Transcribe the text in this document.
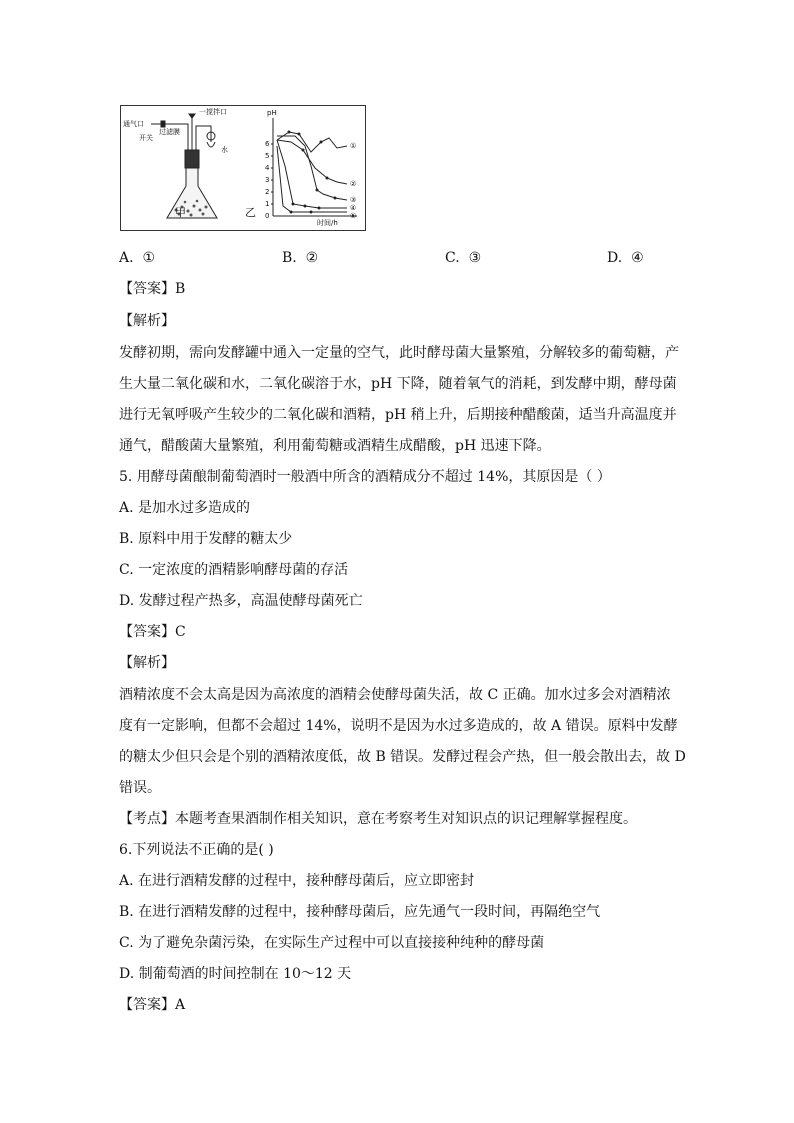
甲	乙
通气口
开关
过滤膜
一搅拌口
水
pH
0
1
2
3
4
5
6
时间/h
①
②
③
④
⑤
A. ①	B. ②	C. ③	D. ④
【答案】B
【解析】
发酵初期，需向发酵罐中通入一定量的空气，此时酵母菌大量繁殖，分解较多的葡萄糖，产
生大量二氧化碳和水，二氧化碳溶于水，pH 下降，随着氧气的消耗，到发酵中期，酵母菌
进行无氧呼吸产生较少的二氧化碳和酒精，pH 稍上升，后期接种醋酸菌，适当升高温度并
通气，醋酸菌大量繁殖，利用葡萄糖或酒精生成醋酸，pH 迅速下降。
5. 用酵母菌酿制葡萄酒时一般酒中所含的酒精成分不超过 14%，其原因是（ ）
A. 是加水过多造成的
B. 原料中用于发酵的糖太少
C. 一定浓度的酒精影响酵母菌的存活
D. 发酵过程产热多，高温使酵母菌死亡
【答案】C
【解析】
酒精浓度不会太高是因为高浓度的酒精会使酵母菌失活，故 C 正确。加水过多会对酒精浓
度有一定影响，但都不会超过 14%，说明不是因为水过多造成的，故 A 错误。原料中发酵
的糖太少但只会是个别的酒精浓度低，故 B 错误。发酵过程会产热，但一般会散出去，故 D
错误。
【考点】本题考查果酒制作相关知识，意在考察考生对知识点的识记理解掌握程度。
6.下列说法不正确的是( )
A. 在进行酒精发酵的过程中，接种酵母菌后，应立即密封
B. 在进行酒精发酵的过程中，接种酵母菌后，应先通气一段时间，再隔绝空气
C. 为了避免杂菌污染，在实际生产过程中可以直接接种纯种的酵母菌
D. 制葡萄酒的时间控制在 10～12 天
【答案】A
